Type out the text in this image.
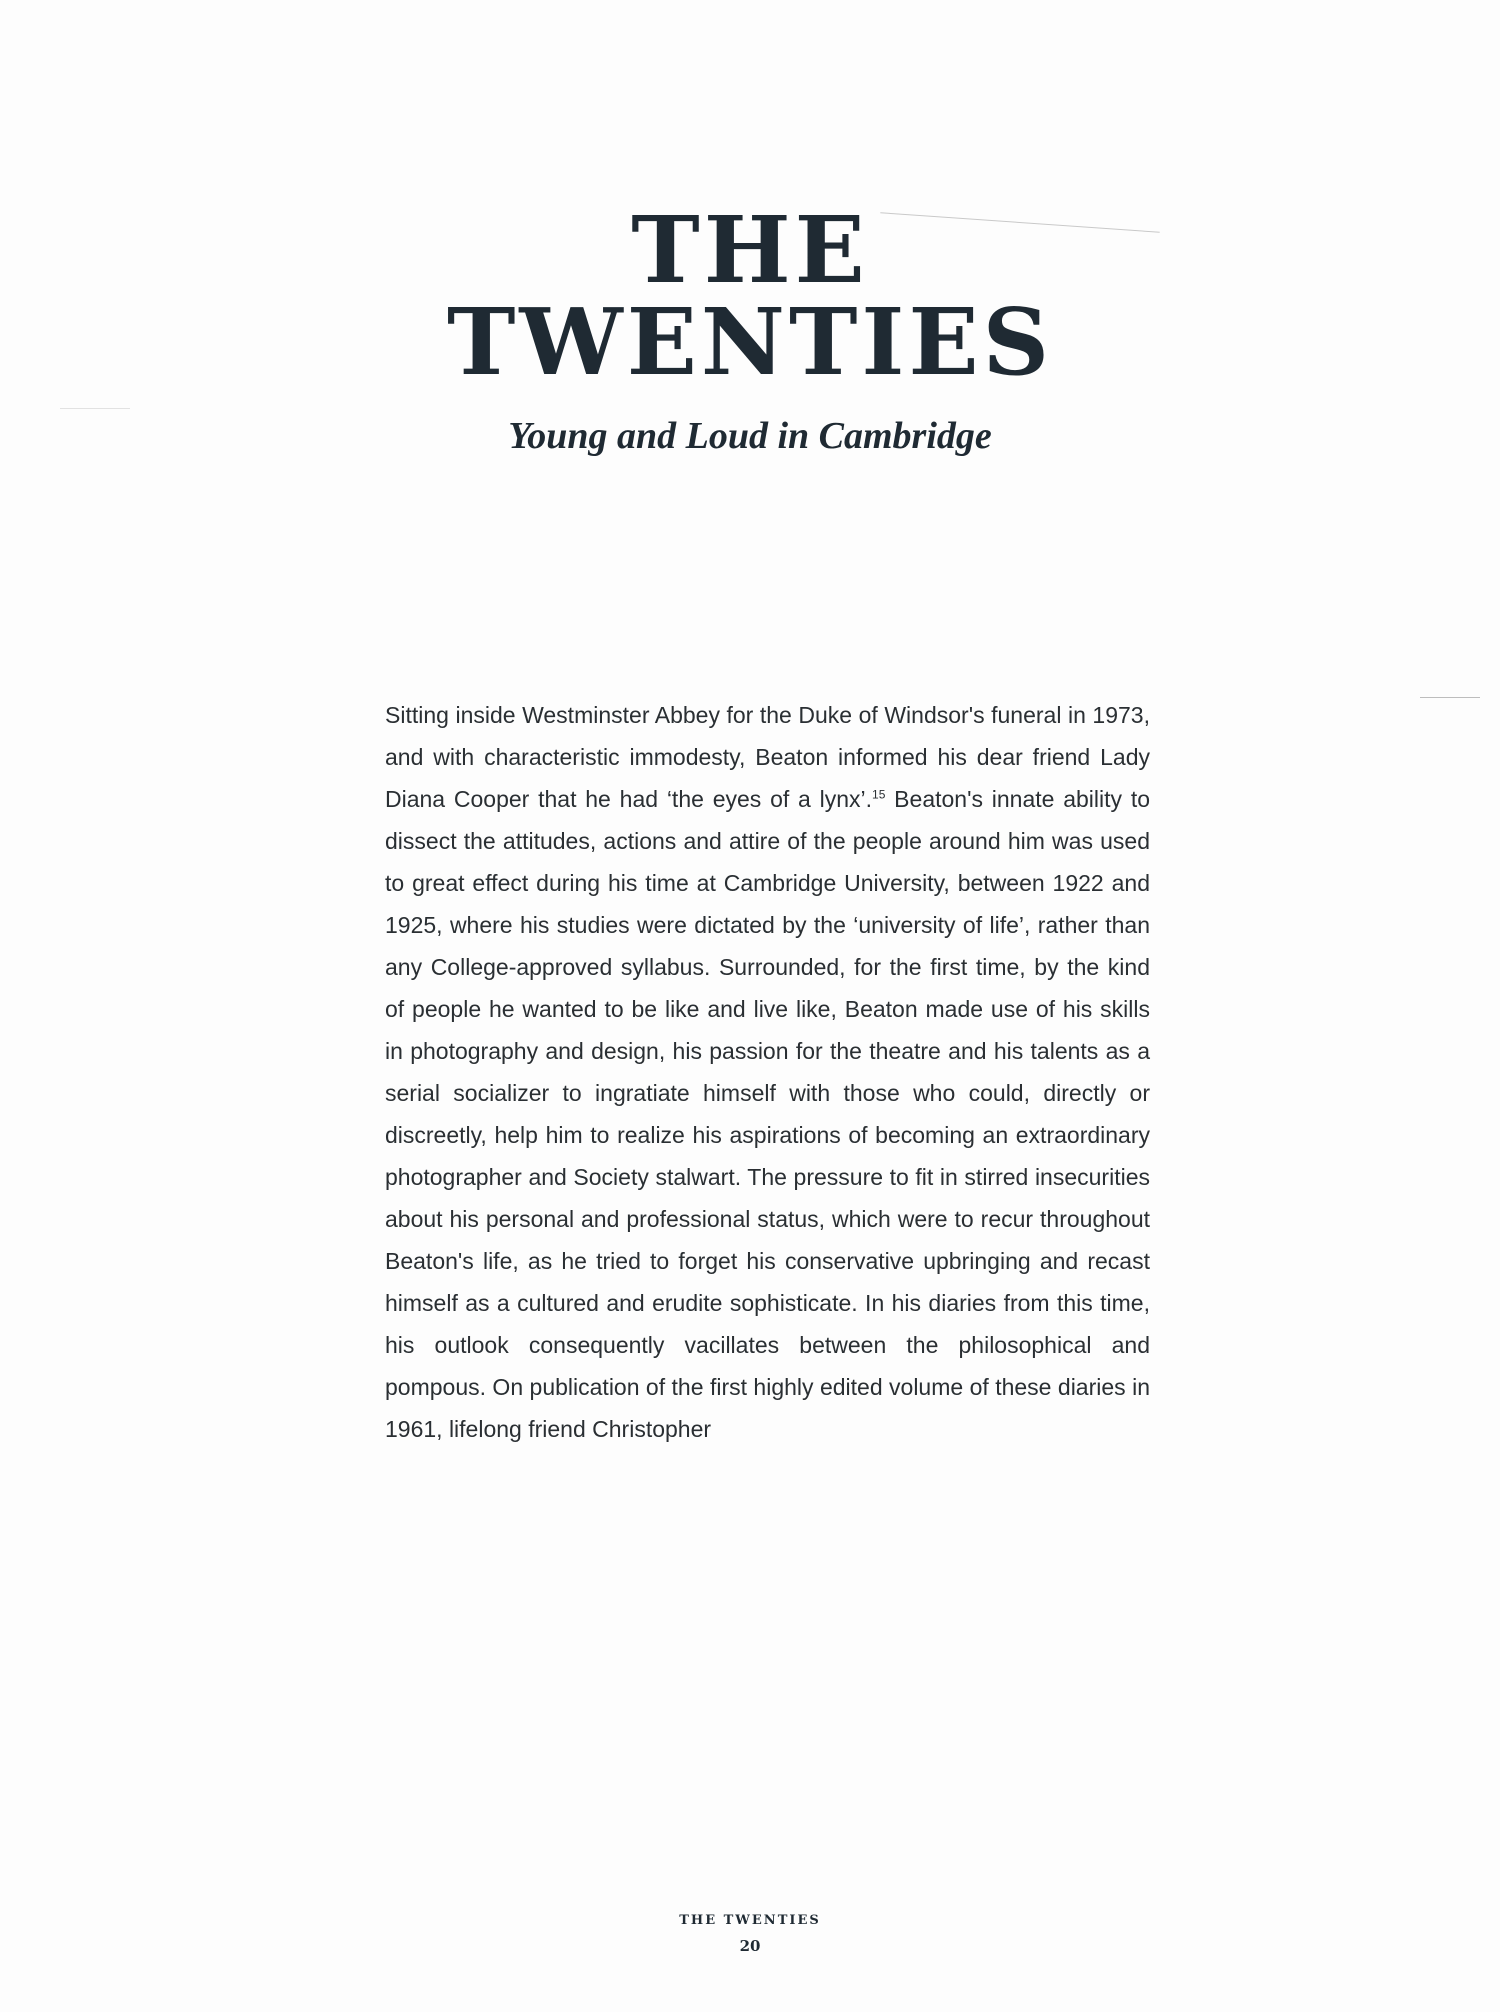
THE
TWENTIES
Young and Loud in Cambridge

Sitting inside Westminster Abbey for the Duke of Windsor's funeral in 1973, and with characteristic immodesty, Beaton informed his dear friend Lady Diana Cooper that he had ‘the eyes of a lynx’.$^{15}$ Beaton's innate ability to dissect the attitudes, actions and attire of the people around him was used to great effect during his time at Cambridge University, between 1922 and 1925, where his studies were dictated by the ‘university of life’, rather than any College-approved syllabus. Surrounded, for the first time, by the kind of people he wanted to be like and live like, Beaton made use of his skills in photography and design, his passion for the theatre and his talents as a serial socializer to ingratiate himself with those who could, directly or discreetly, help him to realize his aspirations of becoming an extraordinary photographer and Society stalwart. The pressure to fit in stirred insecurities about his personal and professional status, which were to recur throughout Beaton's life, as he tried to forget his conservative upbringing and recast himself as a cultured and erudite sophisticate. In his diaries from this time, his outlook consequently vacillates between the philosophical and pompous. On publication of the first highly edited volume of these diaries in 1961, lifelong friend Christopher

THE TWENTIES
20
